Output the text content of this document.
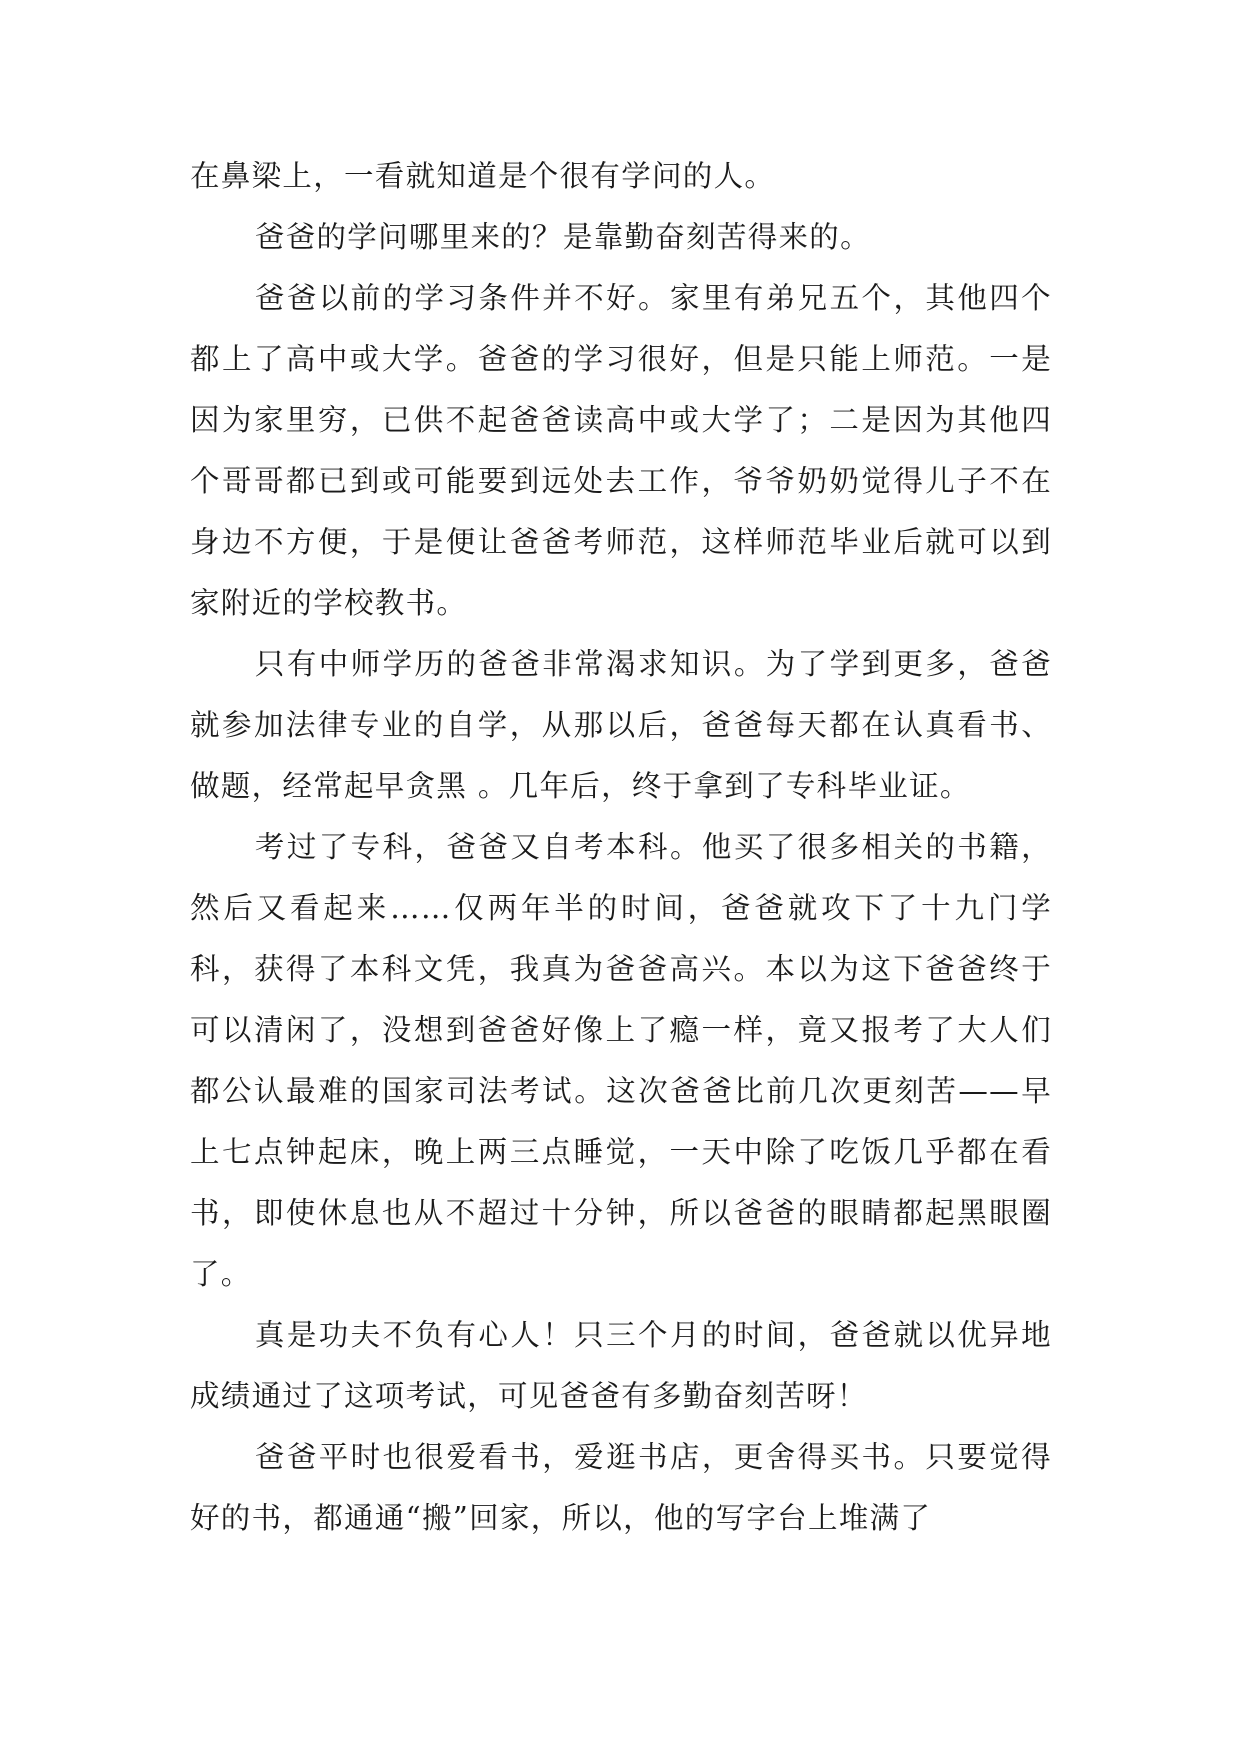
在鼻梁上，一看就知道是个很有学问的人。

爸爸的学问哪里来的？是靠勤奋刻苦得来的。

爸爸以前的学习条件并不好。家里有弟兄五个，其他四个都上了高中或大学。爸爸的学习很好，但是只能上师范。一是因为家里穷，已供不起爸爸读高中或大学了；二是因为其他四个哥哥都已到或可能要到远处去工作，爷爷奶奶觉得儿子不在身边不方便，于是便让爸爸考师范，这样师范毕业后就可以到家附近的学校教书。

只有中师学历的爸爸非常渴求知识。为了学到更多，爸爸就参加法律专业的自学，从那以后，爸爸每天都在认真看书、做题，经常起早贪黑 。几年后，终于拿到了专科毕业证。

考过了专科，爸爸又自考本科。他买了很多相关的书籍，然后又看起来……仅两年半的时间，爸爸就攻下了十九门学科，获得了本科文凭，我真为爸爸高兴。本以为这下爸爸终于可以清闲了，没想到爸爸好像上了瘾一样，竟又报考了大人们都公认最难的国家司法考试。这次爸爸比前几次更刻苦——早上七点钟起床，晚上两三点睡觉，一天中除了吃饭几乎都在看书，即使休息也从不超过十分钟，所以爸爸的眼睛都起黑眼圈了。

真是功夫不负有心人！只三个月的时间，爸爸就以优异地成绩通过了这项考试，可见爸爸有多勤奋刻苦呀！

爸爸平时也很爱看书，爱逛书店，更舍得买书。只要觉得好的书，都通通“搬”回家，所以，他的写字台上堆满了
